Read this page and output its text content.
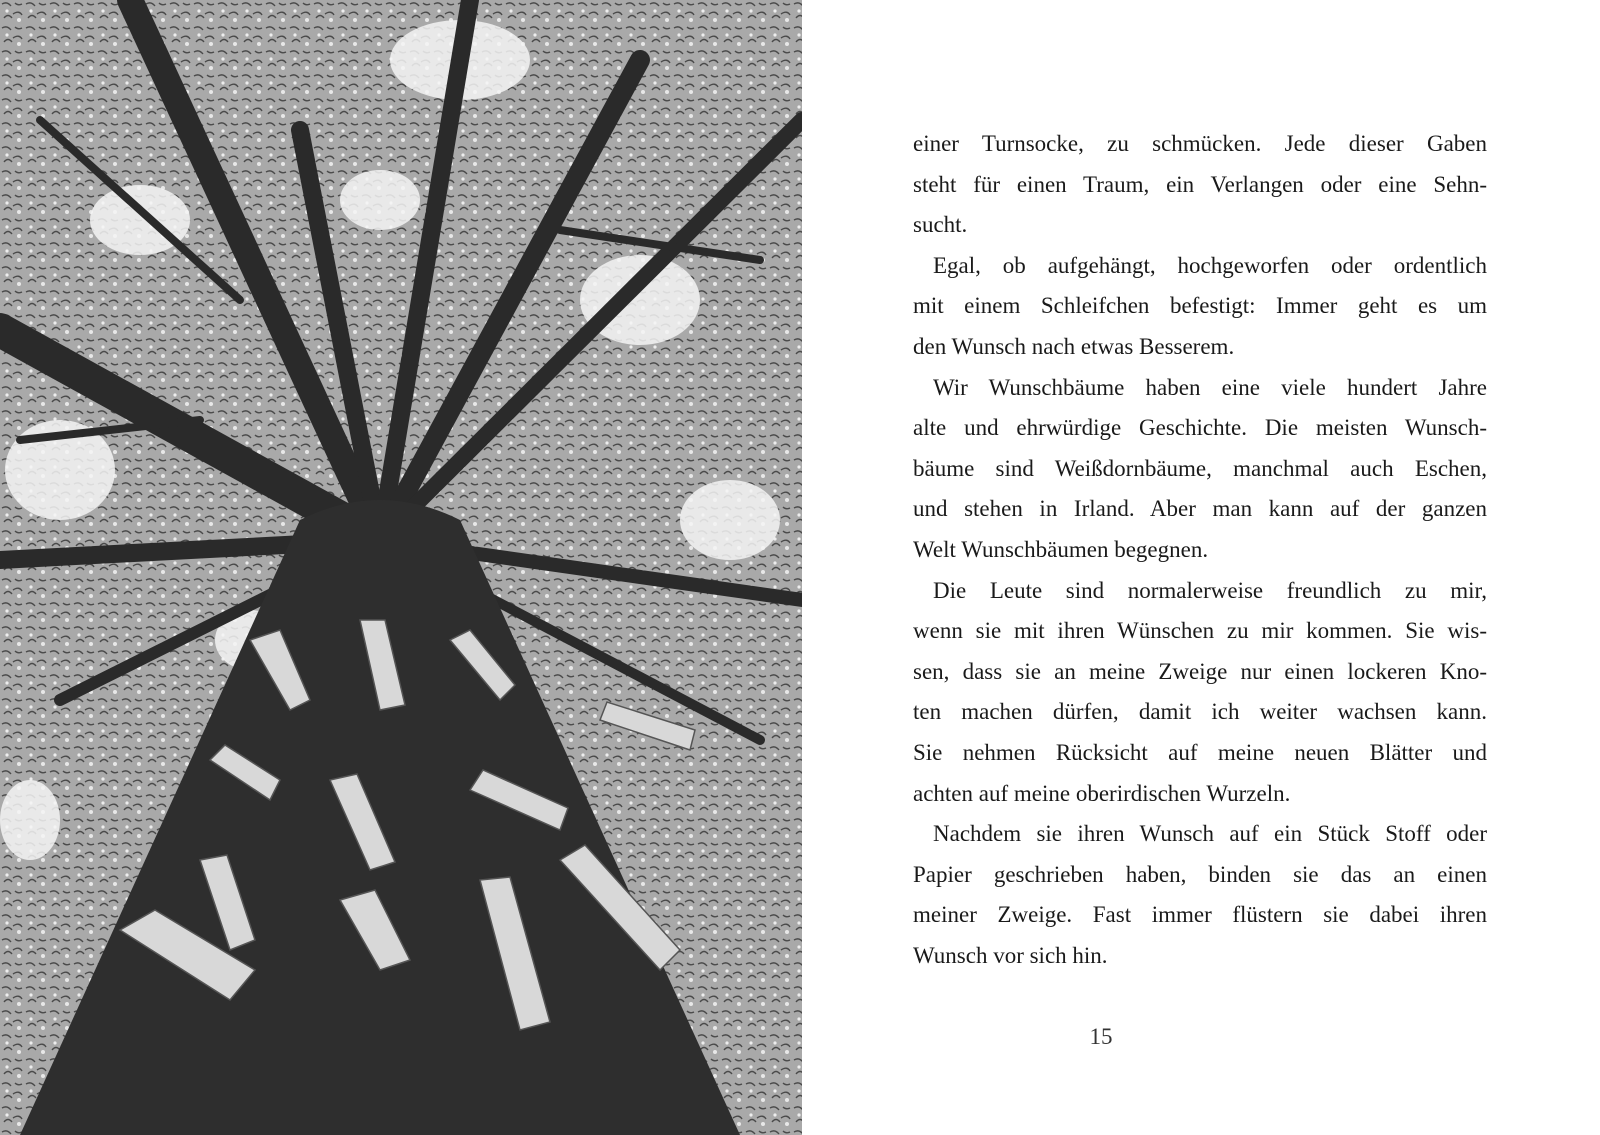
einer Turnsocke, zu schmücken. Jede dieser Gaben
steht für einen Traum, ein Verlangen oder eine Sehn-
sucht.
Egal, ob aufgehängt, hochgeworfen oder ordentlich
mit einem Schleifchen befestigt: Immer geht es um
den Wunsch nach etwas Besserem.
Wir Wunschbäume haben eine viele hundert Jahre
alte und ehrwürdige Geschichte. Die meisten Wunsch-
bäume sind Weißdornbäume, manchmal auch Eschen,
und stehen in Irland. Aber man kann auf der ganzen
Welt Wunschbäumen begegnen.
Die Leute sind normalerweise freundlich zu mir,
wenn sie mit ihren Wünschen zu mir kommen. Sie wis-
sen, dass sie an meine Zweige nur einen lockeren Kno-
ten machen dürfen, damit ich weiter wachsen kann.
Sie nehmen Rücksicht auf meine neuen Blätter und
achten auf meine oberirdischen Wurzeln.
Nachdem sie ihren Wunsch auf ein Stück Stoff oder
Papier geschrieben haben, binden sie das an einen
meiner Zweige. Fast immer flüstern sie dabei ihren
Wunsch vor sich hin.
15
